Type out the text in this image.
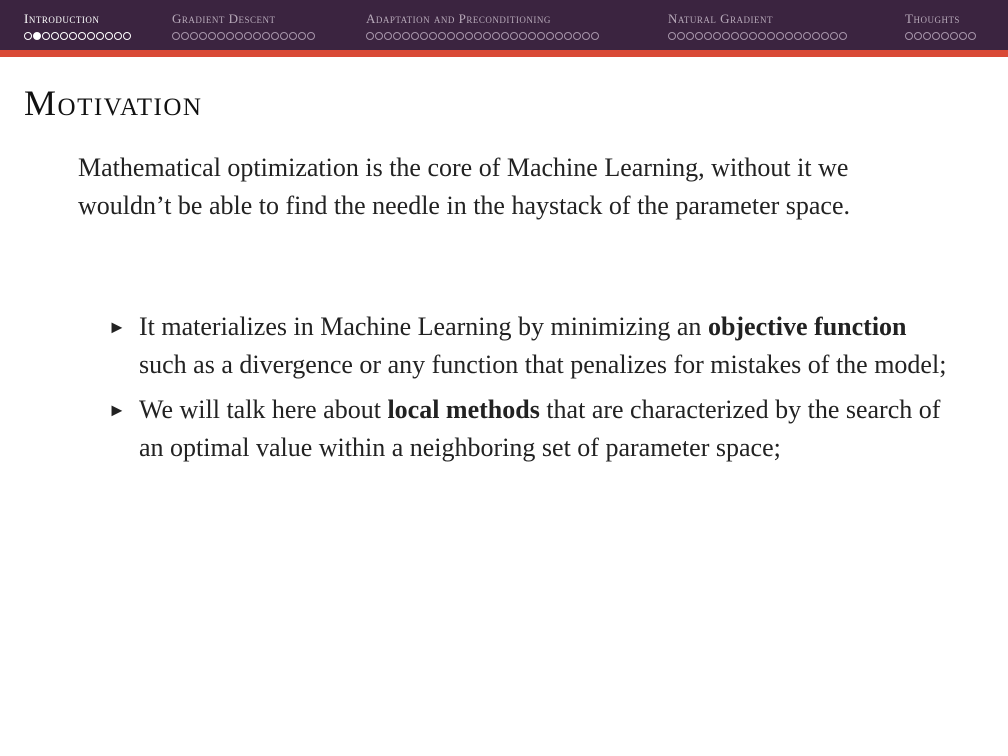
Introduction	Gradient Descent	Adaptation and Preconditioning	Natural Gradient	Thoughts
Motivation
Mathematical optimization is the core of Machine Learning, without it we wouldn’t be able to find the needle in the haystack of the parameter space.
► It materializes in Machine Learning by minimizing an objective function such as a divergence or any function that penalizes for mistakes of the model;
► We will talk here about local methods that are characterized by the search of an optimal value within a neighboring set of parameter space;
